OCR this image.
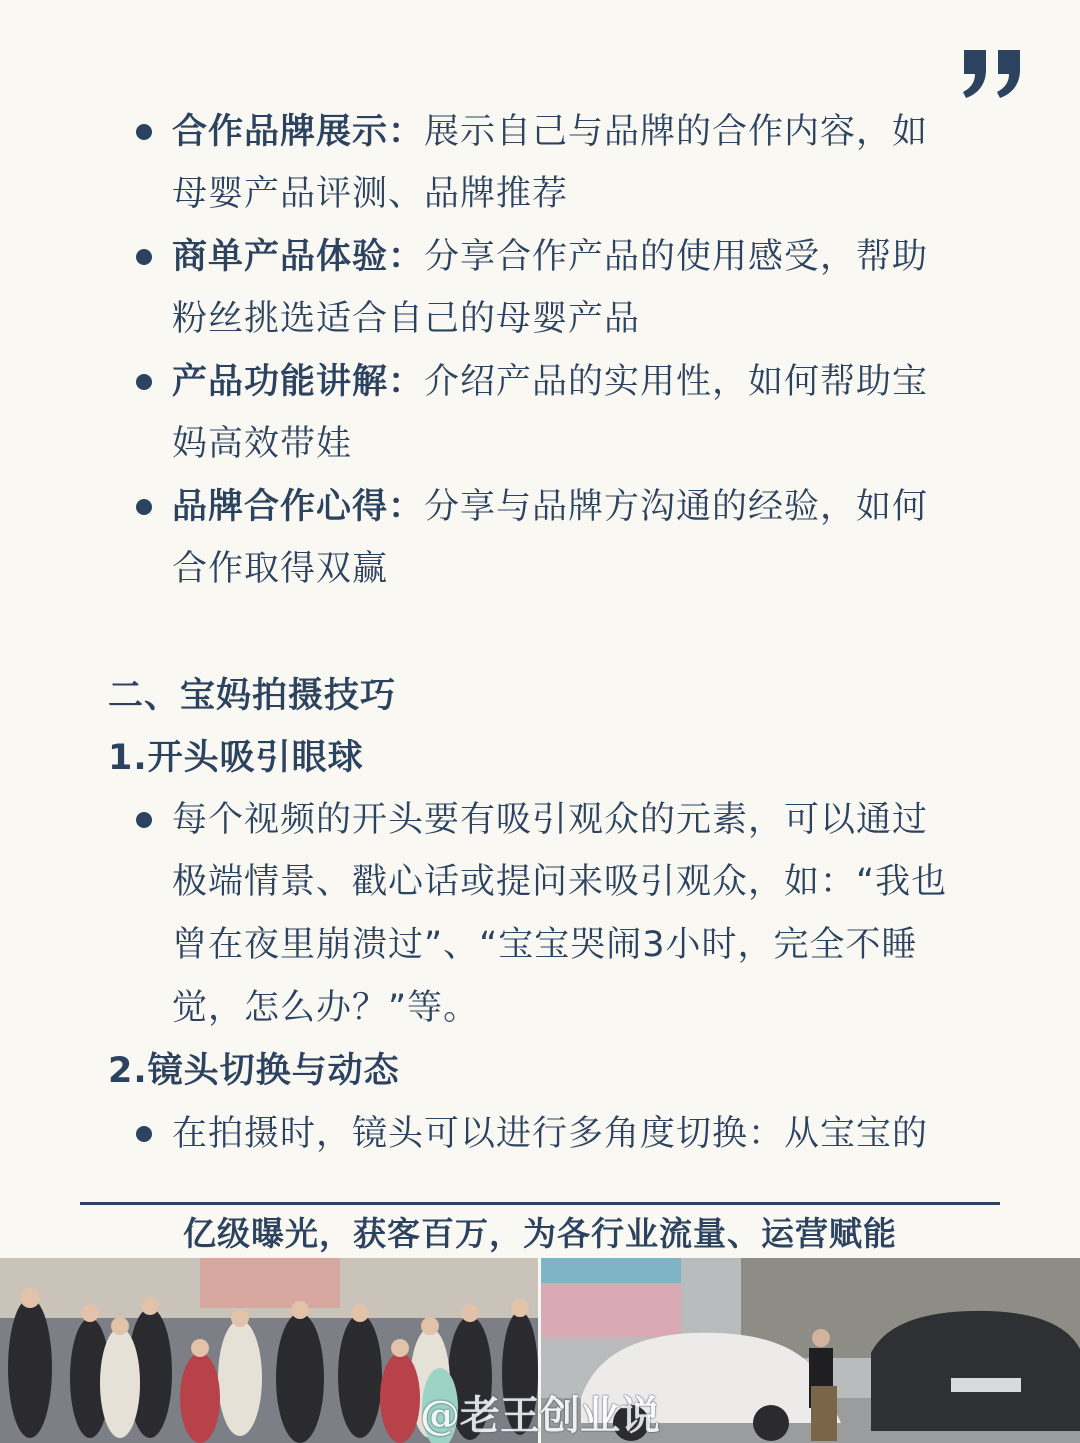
合作品牌展示：展示自己与品牌的合作内容，如
母婴产品评测、品牌推荐
商单产品体验：分享合作产品的使用感受，帮助
粉丝挑选适合自己的母婴产品
产品功能讲解：介绍产品的实用性，如何帮助宝
妈高效带娃
品牌合作心得：分享与品牌方沟通的经验，如何
合作取得双赢
二、宝妈拍摄技巧
1.开头吸引眼球
每个视频的开头要有吸引观众的元素，可以通过
极端情景、戳心话或提问来吸引观众，如：“我也
曾在夜里崩溃过”、“宝宝哭闹3小时，完全不睡
觉，怎么办？”等。
2.镜头切换与动态
在拍摄时，镜头可以进行多角度切换：从宝宝的
亿级曝光，获客百万，为各行业流量、运营赋能
@老王创业说
